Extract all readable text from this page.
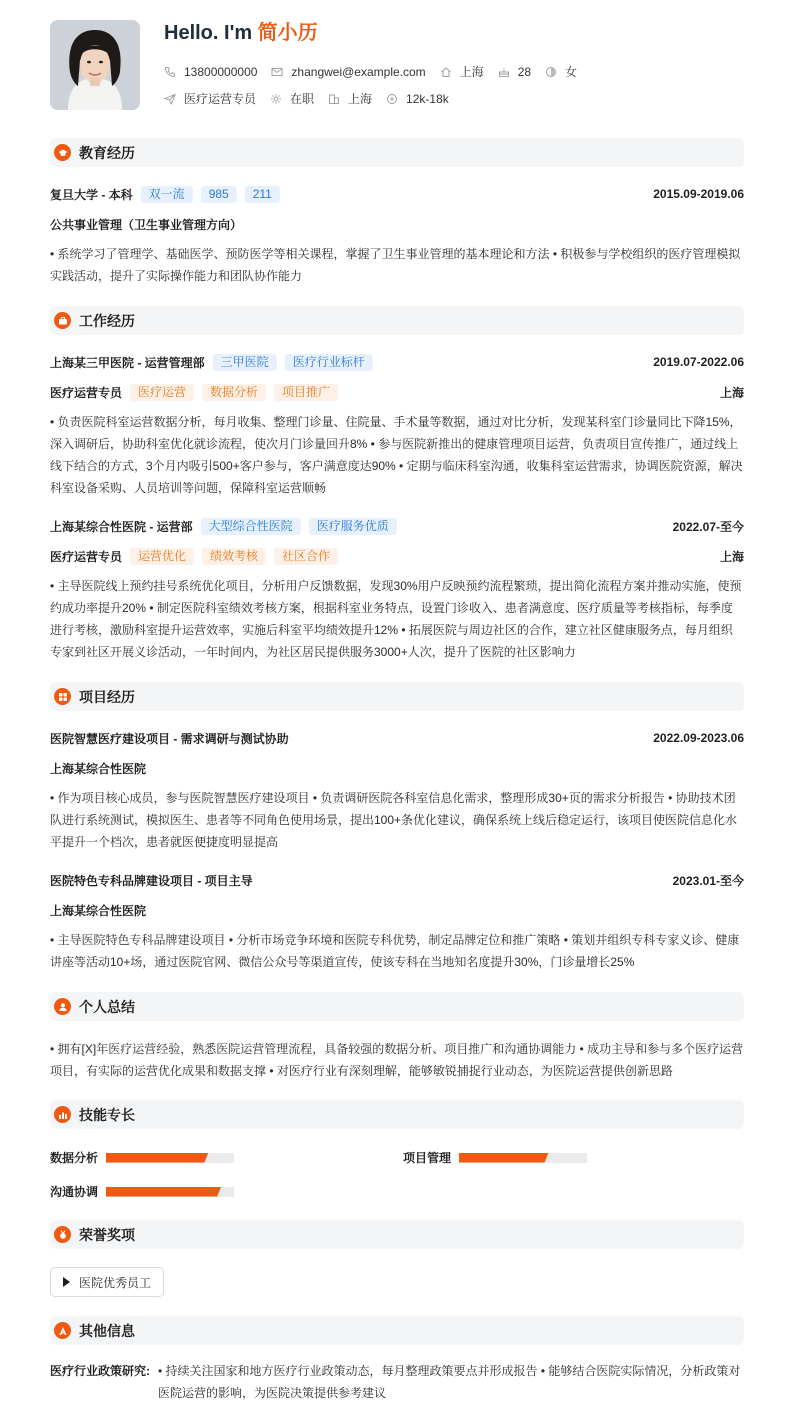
Hello. I'm 简小历
13800000000	zhangwei@example.com	上海	28	女
医疗运营专员	在职	上海	12k-18k
教育经历
复旦大学 - 本科	双一流	985	211	2015.09-2019.06
公共事业管理（卫生事业管理方向）
• 系统学习了管理学、基础医学、预防医学等相关课程，掌握了卫生事业管理的基本理论和方法 • 积极参与学校组织的医疗管理模拟实践活动，提升了实际操作能力和团队协作能力
工作经历
上海某三甲医院 - 运营管理部	三甲医院	医疗行业标杆	2019.07-2022.06
医疗运营专员	医疗运营	数据分析	项目推广	上海
• 负责医院科室运营数据分析，每月收集、整理门诊量、住院量、手术量等数据，通过对比分析，发现某科室门诊量同比下降15%，深入调研后，协助科室优化就诊流程，使次月门诊量回升8% • 参与医院新推出的健康管理项目运营，负责项目宣传推广，通过线上线下结合的方式，3个月内吸引500+客户参与，客户满意度达90% • 定期与临床科室沟通，收集科室运营需求，协调医院资源，解决科室设备采购、人员培训等问题，保障科室运营顺畅
上海某综合性医院 - 运营部	大型综合性医院	医疗服务优质	2022.07-至今
医疗运营专员	运营优化	绩效考核	社区合作	上海
• 主导医院线上预约挂号系统优化项目，分析用户反馈数据，发现30%用户反映预约流程繁琐，提出简化流程方案并推动实施，使预约成功率提升20% • 制定医院科室绩效考核方案，根据科室业务特点，设置门诊收入、患者满意度、医疗质量等考核指标，每季度进行考核，激励科室提升运营效率，实施后科室平均绩效提升12% • 拓展医院与周边社区的合作，建立社区健康服务点，每月组织专家到社区开展义诊活动，一年时间内，为社区居民提供服务3000+人次，提升了医院的社区影响力
项目经历
医院智慧医疗建设项目 - 需求调研与测试协助	2022.09-2023.06
上海某综合性医院
• 作为项目核心成员，参与医院智慧医疗建设项目 • 负责调研医院各科室信息化需求，整理形成30+页的需求分析报告 • 协助技术团队进行系统测试，模拟医生、患者等不同角色使用场景，提出100+条优化建议，确保系统上线后稳定运行，该项目使医院信息化水平提升一个档次，患者就医便捷度明显提高
医院特色专科品牌建设项目 - 项目主导	2023.01-至今
上海某综合性医院
• 主导医院特色专科品牌建设项目 • 分析市场竞争环境和医院专科优势，制定品牌定位和推广策略 • 策划并组织专科专家义诊、健康讲座等活动10+场，通过医院官网、微信公众号等渠道宣传，使该专科在当地知名度提升30%，门诊量增长25%
个人总结
• 拥有[X]年医疗运营经验，熟悉医院运营管理流程，具备较强的数据分析、项目推广和沟通协调能力 • 成功主导和参与多个医疗运营项目，有实际的运营优化成果和数据支撑 • 对医疗行业有深刻理解，能够敏锐捕捉行业动态，为医院运营提供创新思路
技能专长
数据分析	项目管理
沟通协调
荣誉奖项
医院优秀员工
其他信息
医疗行业政策研究: • 持续关注国家和地方医疗行业政策动态，每月整理政策要点并形成报告 • 能够结合医院实际情况，分析政策对医院运营的影响，为医院决策提供参考建议
